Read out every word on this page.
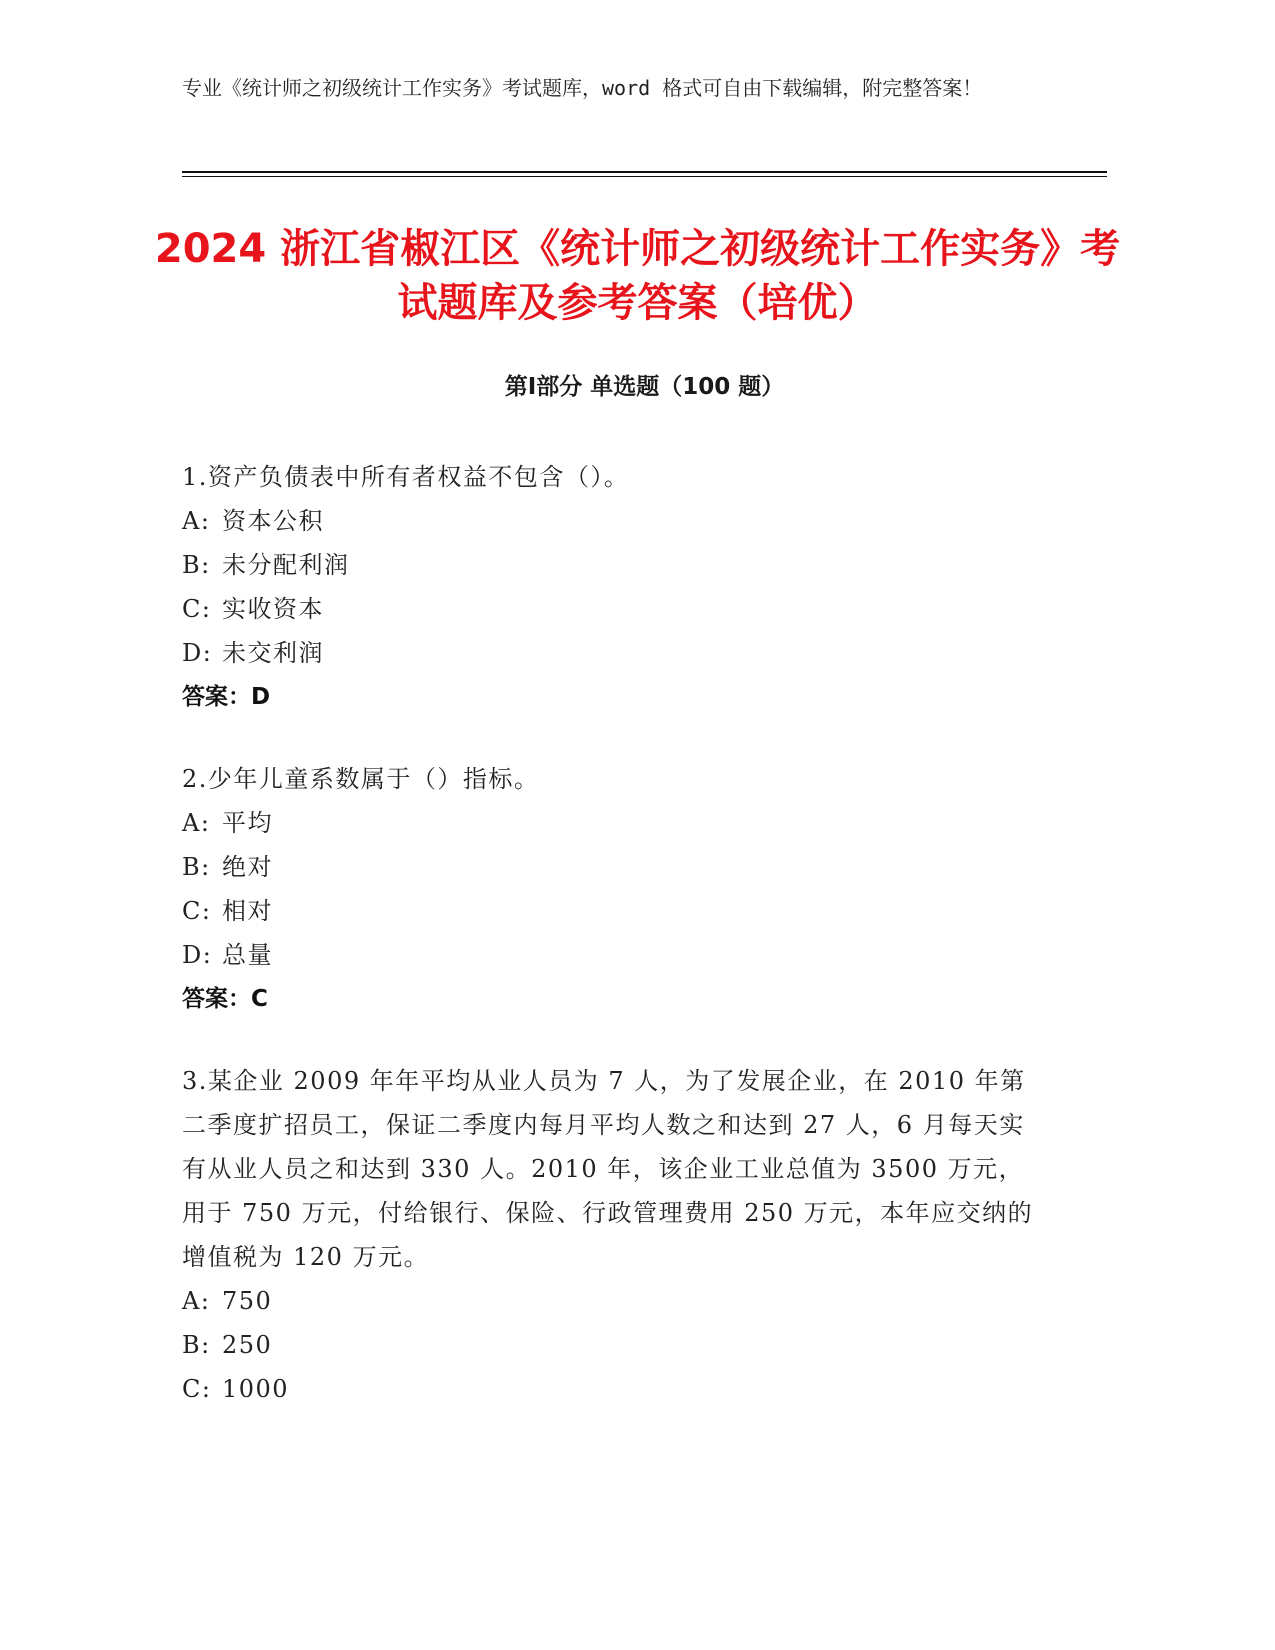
专业《统计师之初级统计工作实务》考试题库，word 格式可自由下载编辑，附完整答案！
2024 浙江省椒江区《统计师之初级统计工作实务》考试题库及参考答案（培优）
第Ⅰ部分 单选题（100 题）

1.资产负债表中所有者权益不包含（）。

A: 资本公积

B: 未分配利润

C: 实收资本

D: 未交利润

答案：D

2.少年儿童系数属于（）指标。

A: 平均

B: 绝对

C: 相对

D: 总量

答案：C

3.某企业 2009 年年平均从业人员为 7 人，为了发展企业，在 2010 年第二季度扩招员工，保证二季度内每月平均人数之和达到 27 人，6 月每天实有从业人员之和达到 330 人。2010 年，该企业工业总值为 3500 万元，用于 750 万元，付给银行、保险、行政管理费用 250 万元，本年应交纳的增值税为 120 万元。

A: 750

B: 250

C: 1000
